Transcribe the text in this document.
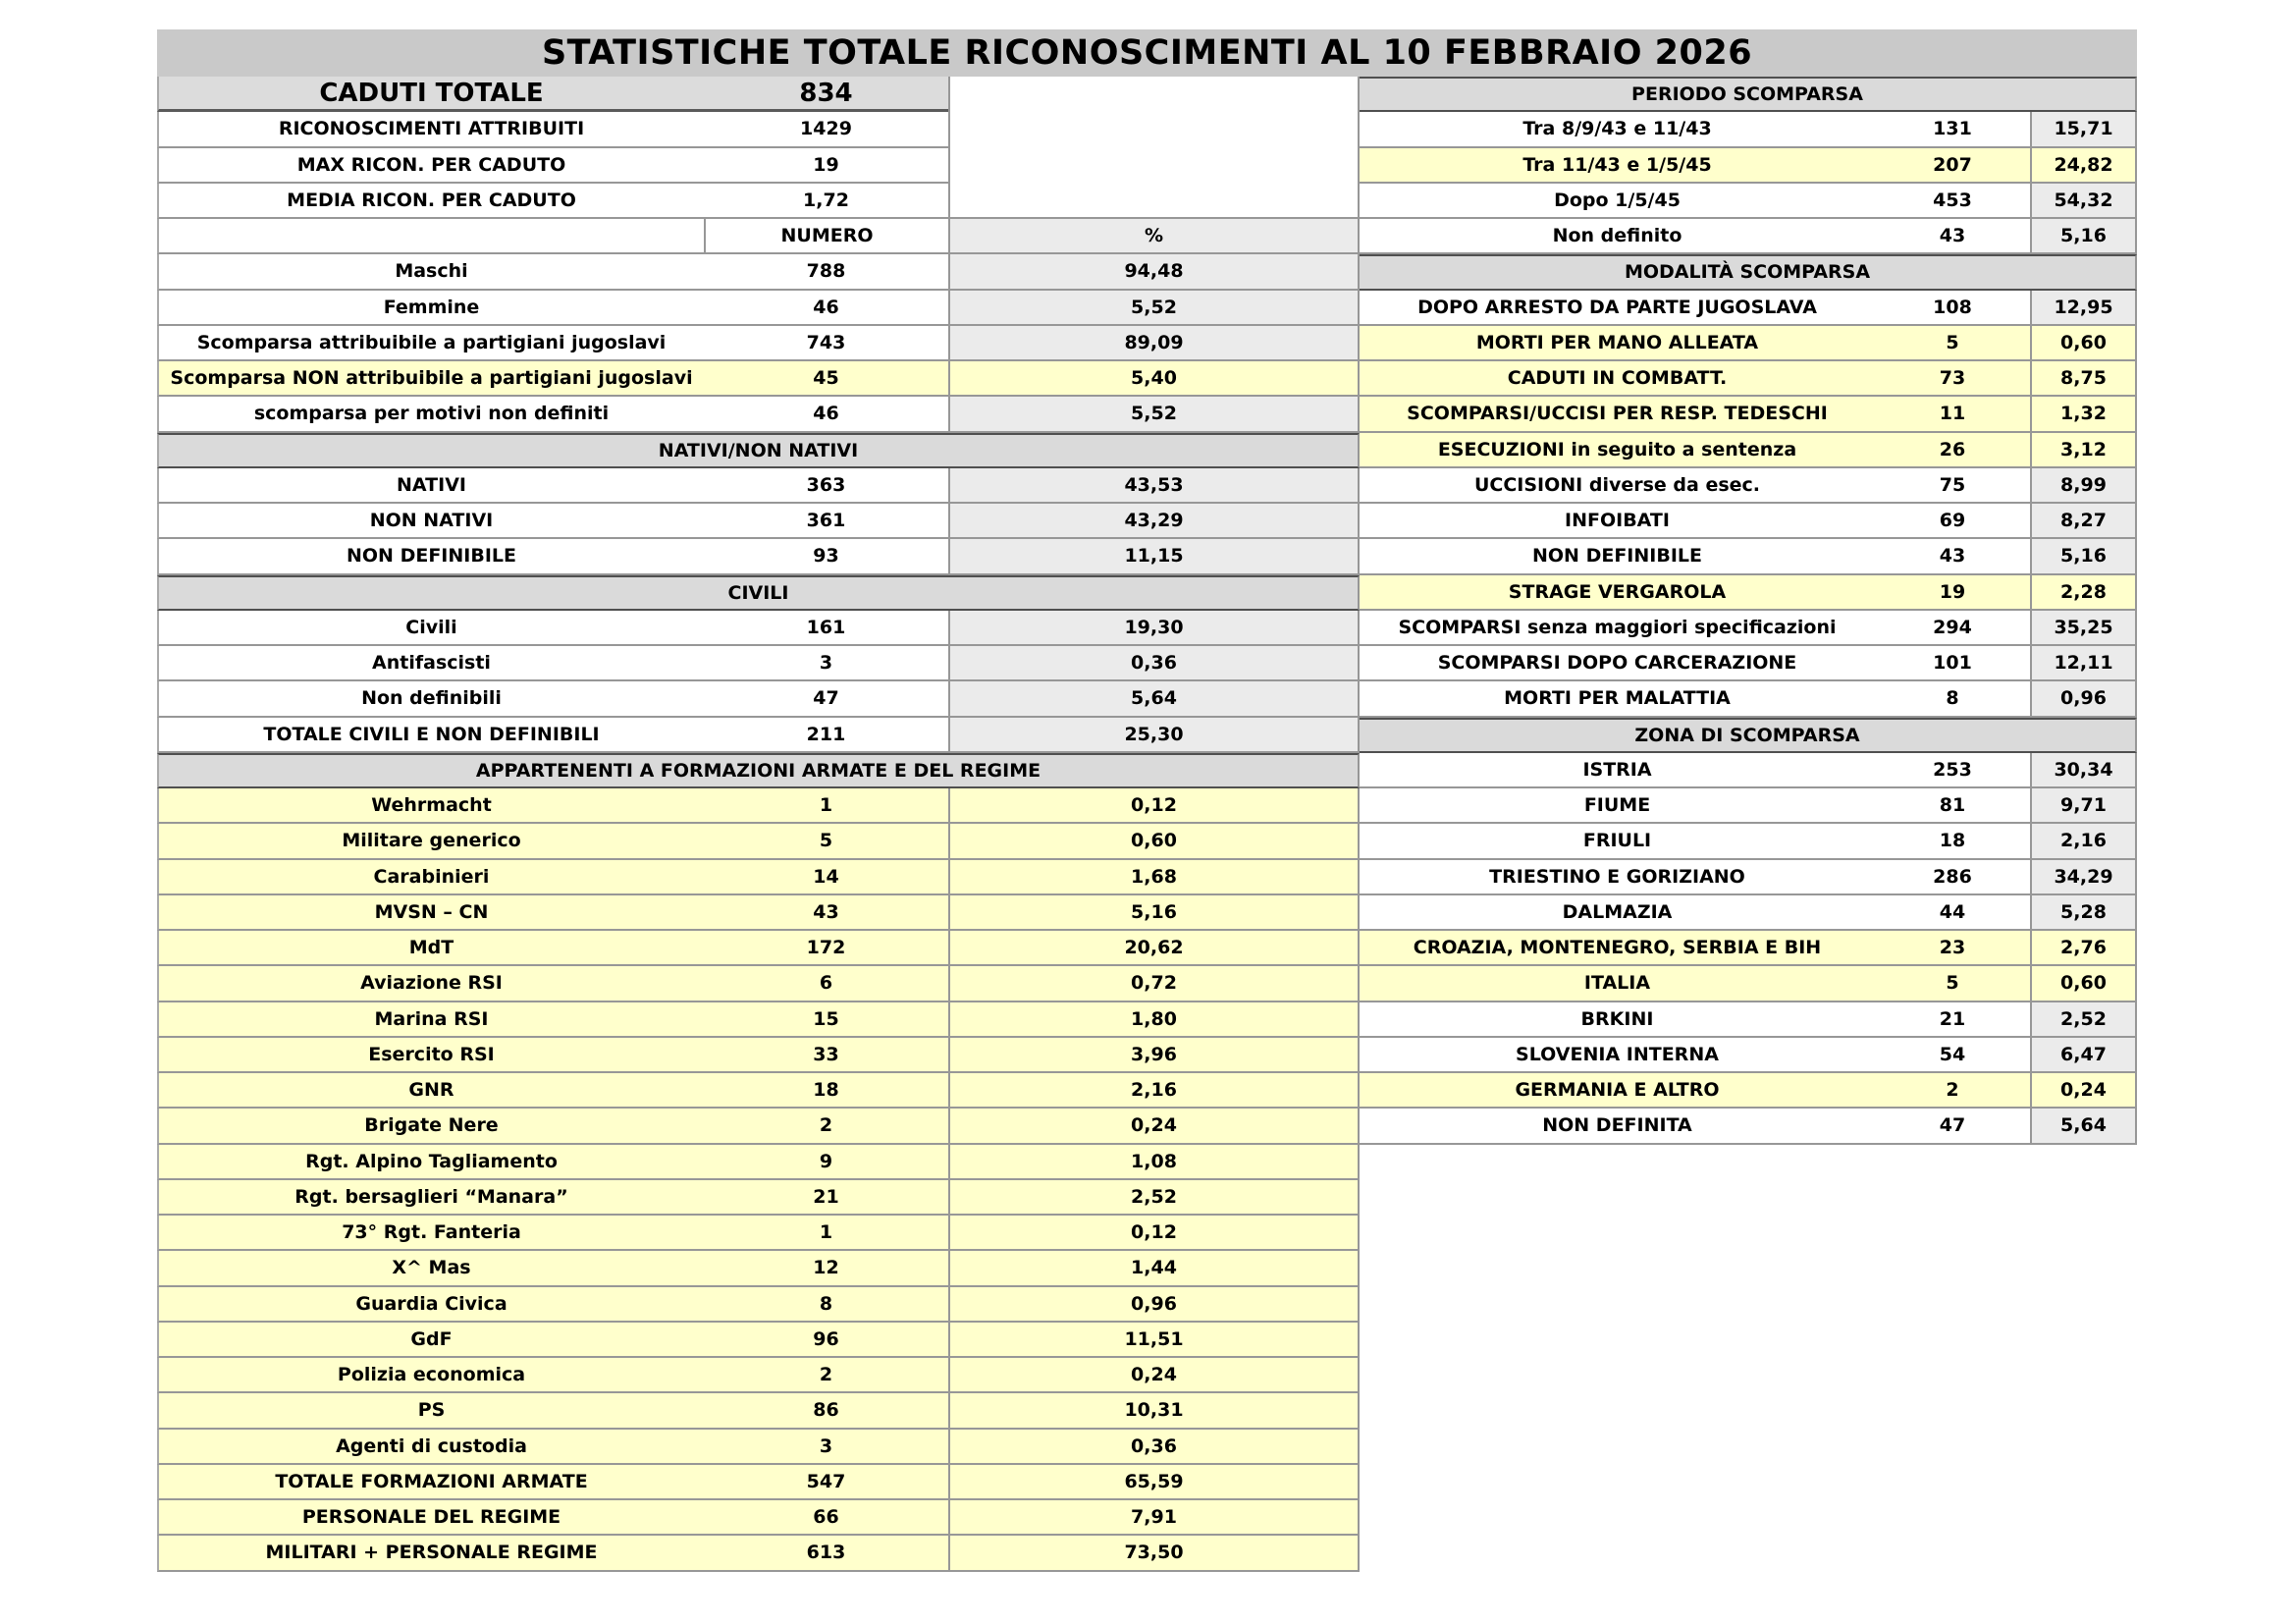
STATISTICHE TOTALE RICONOSCIMENTI AL 10 FEBBRAIO 2026
CADUTI TOTALE	834
RICONOSCIMENTI ATTRIBUITI	1429
MAX RICON. PER CADUTO	19
MEDIA RICON. PER CADUTO	1,72
NUMERO	%
Maschi	788	94,48
Femmine	46	5,52
Scomparsa attribuibile a partigiani jugoslavi	743	89,09
Scomparsa NON attribuibile a partigiani jugoslavi	45	5,40
scomparsa per motivi non definiti	46	5,52
NATIVI/NON NATIVI
NATIVI	363	43,53
NON NATIVI	361	43,29
NON DEFINIBILE	93	11,15
CIVILI
Civili	161	19,30
Antifascisti	3	0,36
Non definibili	47	5,64
TOTALE CIVILI E NON DEFINIBILI	211	25,30
APPARTENENTI A FORMAZIONI ARMATE E DEL REGIME
Wehrmacht	1	0,12
Militare generico	5	0,60
Carabinieri	14	1,68
MVSN – CN	43	5,16
MdT	172	20,62
Aviazione RSI	6	0,72
Marina RSI	15	1,80
Esercito RSI	33	3,96
GNR	18	2,16
Brigate Nere	2	0,24
Rgt. Alpino Tagliamento	9	1,08
Rgt. bersaglieri “Manara”	21	2,52
73° Rgt. Fanteria	1	0,12
X^ Mas	12	1,44
Guardia Civica	8	0,96
GdF	96	11,51
Polizia economica	2	0,24
PS	86	10,31
Agenti di custodia	3	0,36
TOTALE FORMAZIONI ARMATE	547	65,59
PERSONALE DEL REGIME	66	7,91
MILITARI + PERSONALE REGIME	613	73,50
PERIODO SCOMPARSA
Tra 8/9/43 e 11/43	131	15,71
Tra 11/43 e 1/5/45	207	24,82
Dopo 1/5/45	453	54,32
Non definito	43	5,16
MODALITÀ SCOMPARSA
DOPO ARRESTO DA PARTE JUGOSLAVA	108	12,95
MORTI PER MANO ALLEATA	5	0,60
CADUTI IN COMBATT.	73	8,75
SCOMPARSI/UCCISI PER RESP. TEDESCHI	11	1,32
ESECUZIONI in seguito a sentenza	26	3,12
UCCISIONI diverse da esec.	75	8,99
INFOIBATI	69	8,27
NON DEFINIBILE	43	5,16
STRAGE VERGAROLA	19	2,28
SCOMPARSI senza maggiori specificazioni	294	35,25
SCOMPARSI DOPO CARCERAZIONE	101	12,11
MORTI PER MALATTIA	8	0,96
ZONA DI SCOMPARSA
ISTRIA	253	30,34
FIUME	81	9,71
FRIULI	18	2,16
TRIESTINO E GORIZIANO	286	34,29
DALMAZIA	44	5,28
CROAZIA, MONTENEGRO, SERBIA E BIH	23	2,76
ITALIA	5	0,60
BRKINI	21	2,52
SLOVENIA INTERNA	54	6,47
GERMANIA E ALTRO	2	0,24
NON DEFINITA	47	5,64
